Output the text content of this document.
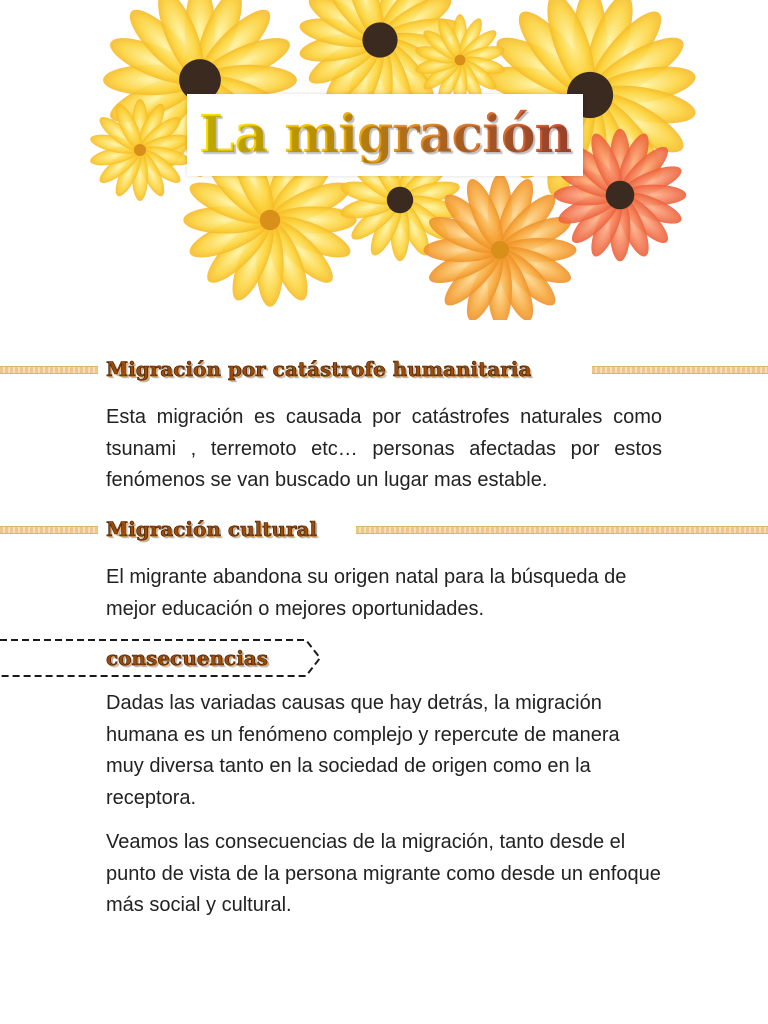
La migración
Migración por catástrofe humanitaria

Esta migración es causada por catástrofes naturales como tsunami , terremoto etc… personas afectadas por estos fenómenos se van buscado un lugar mas estable.

Migración cultural

El migrante abandona su origen natal para la búsqueda de mejor educación o mejores oportunidades.

consecuencias

Dadas las variadas causas que hay detrás, la migración humana es un fenómeno complejo y repercute de manera muy diversa tanto en la sociedad de origen como en la receptora.

Veamos las consecuencias de la migración, tanto desde el punto de vista de la persona migrante como desde un enfoque más social y cultural.
